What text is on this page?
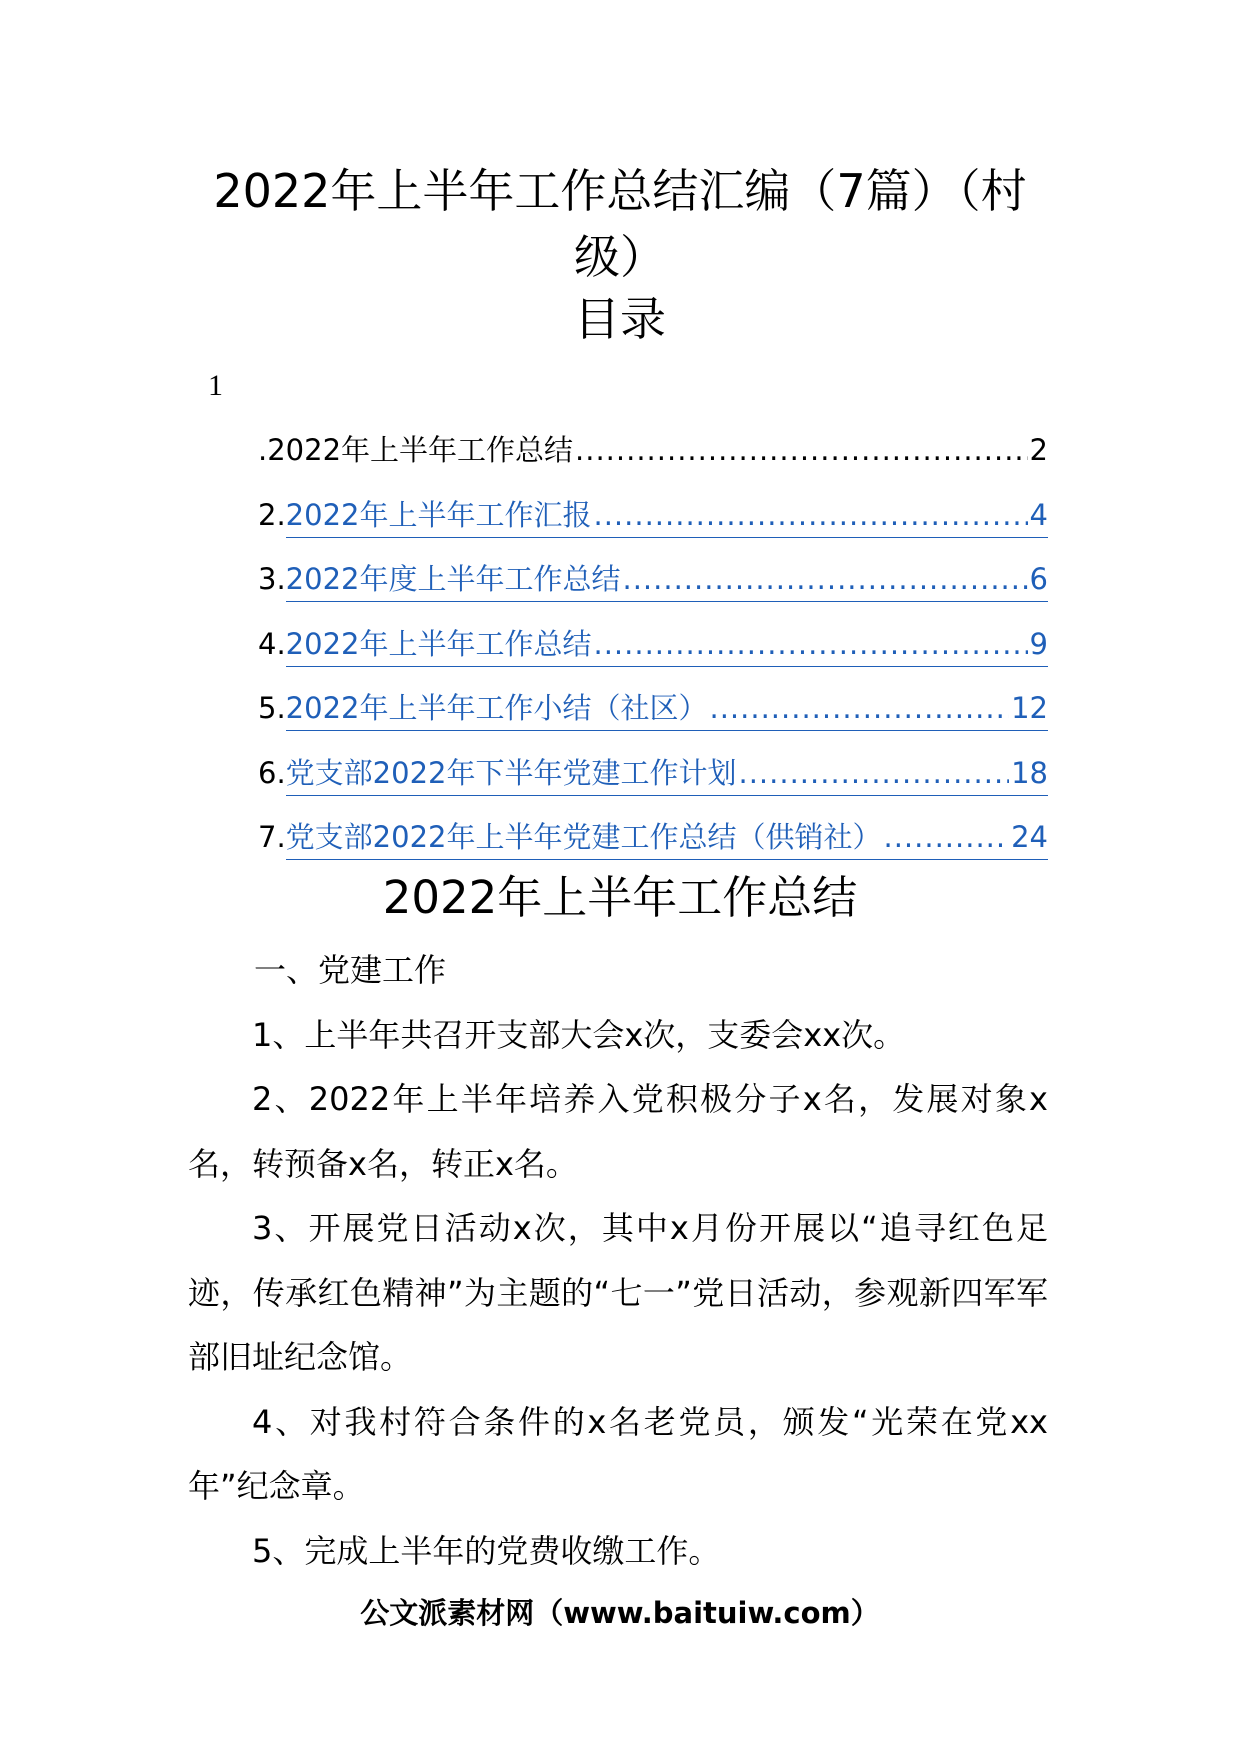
2022年上半年工作总结汇编（7篇）（村级）
目录
1
. 2022年上半年工作总结 .....	2
2. 2022年上半年工作汇报 .....	4
3. 2022年度上半年工作总结 .....	6
4. 2022年上半年工作总结 .....	9
5. 2022年上半年工作小结（社区） .....	12
6. 党支部2022年下半年党建工作计划 .....	18
7. 党支部2022年上半年党建工作总结（供销社） .....	24
2022年上半年工作总结

一、党建工作

1、上半年共召开支部大会x次，支委会xx次。

2、2022年上半年培养入党积极分子x名，发展对象x名，转预备x名，转正x名。

3、开展党日活动x次，其中x月份开展以“追寻红色足迹，传承红色精神”为主题的“七一”党日活动，参观新四军军部旧址纪念馆。

4、对我村符合条件的x名老党员，颁发“光荣在党xx年”纪念章。

5、完成上半年的党费收缴工作。

公文派素材网（www.baituiw.com）
